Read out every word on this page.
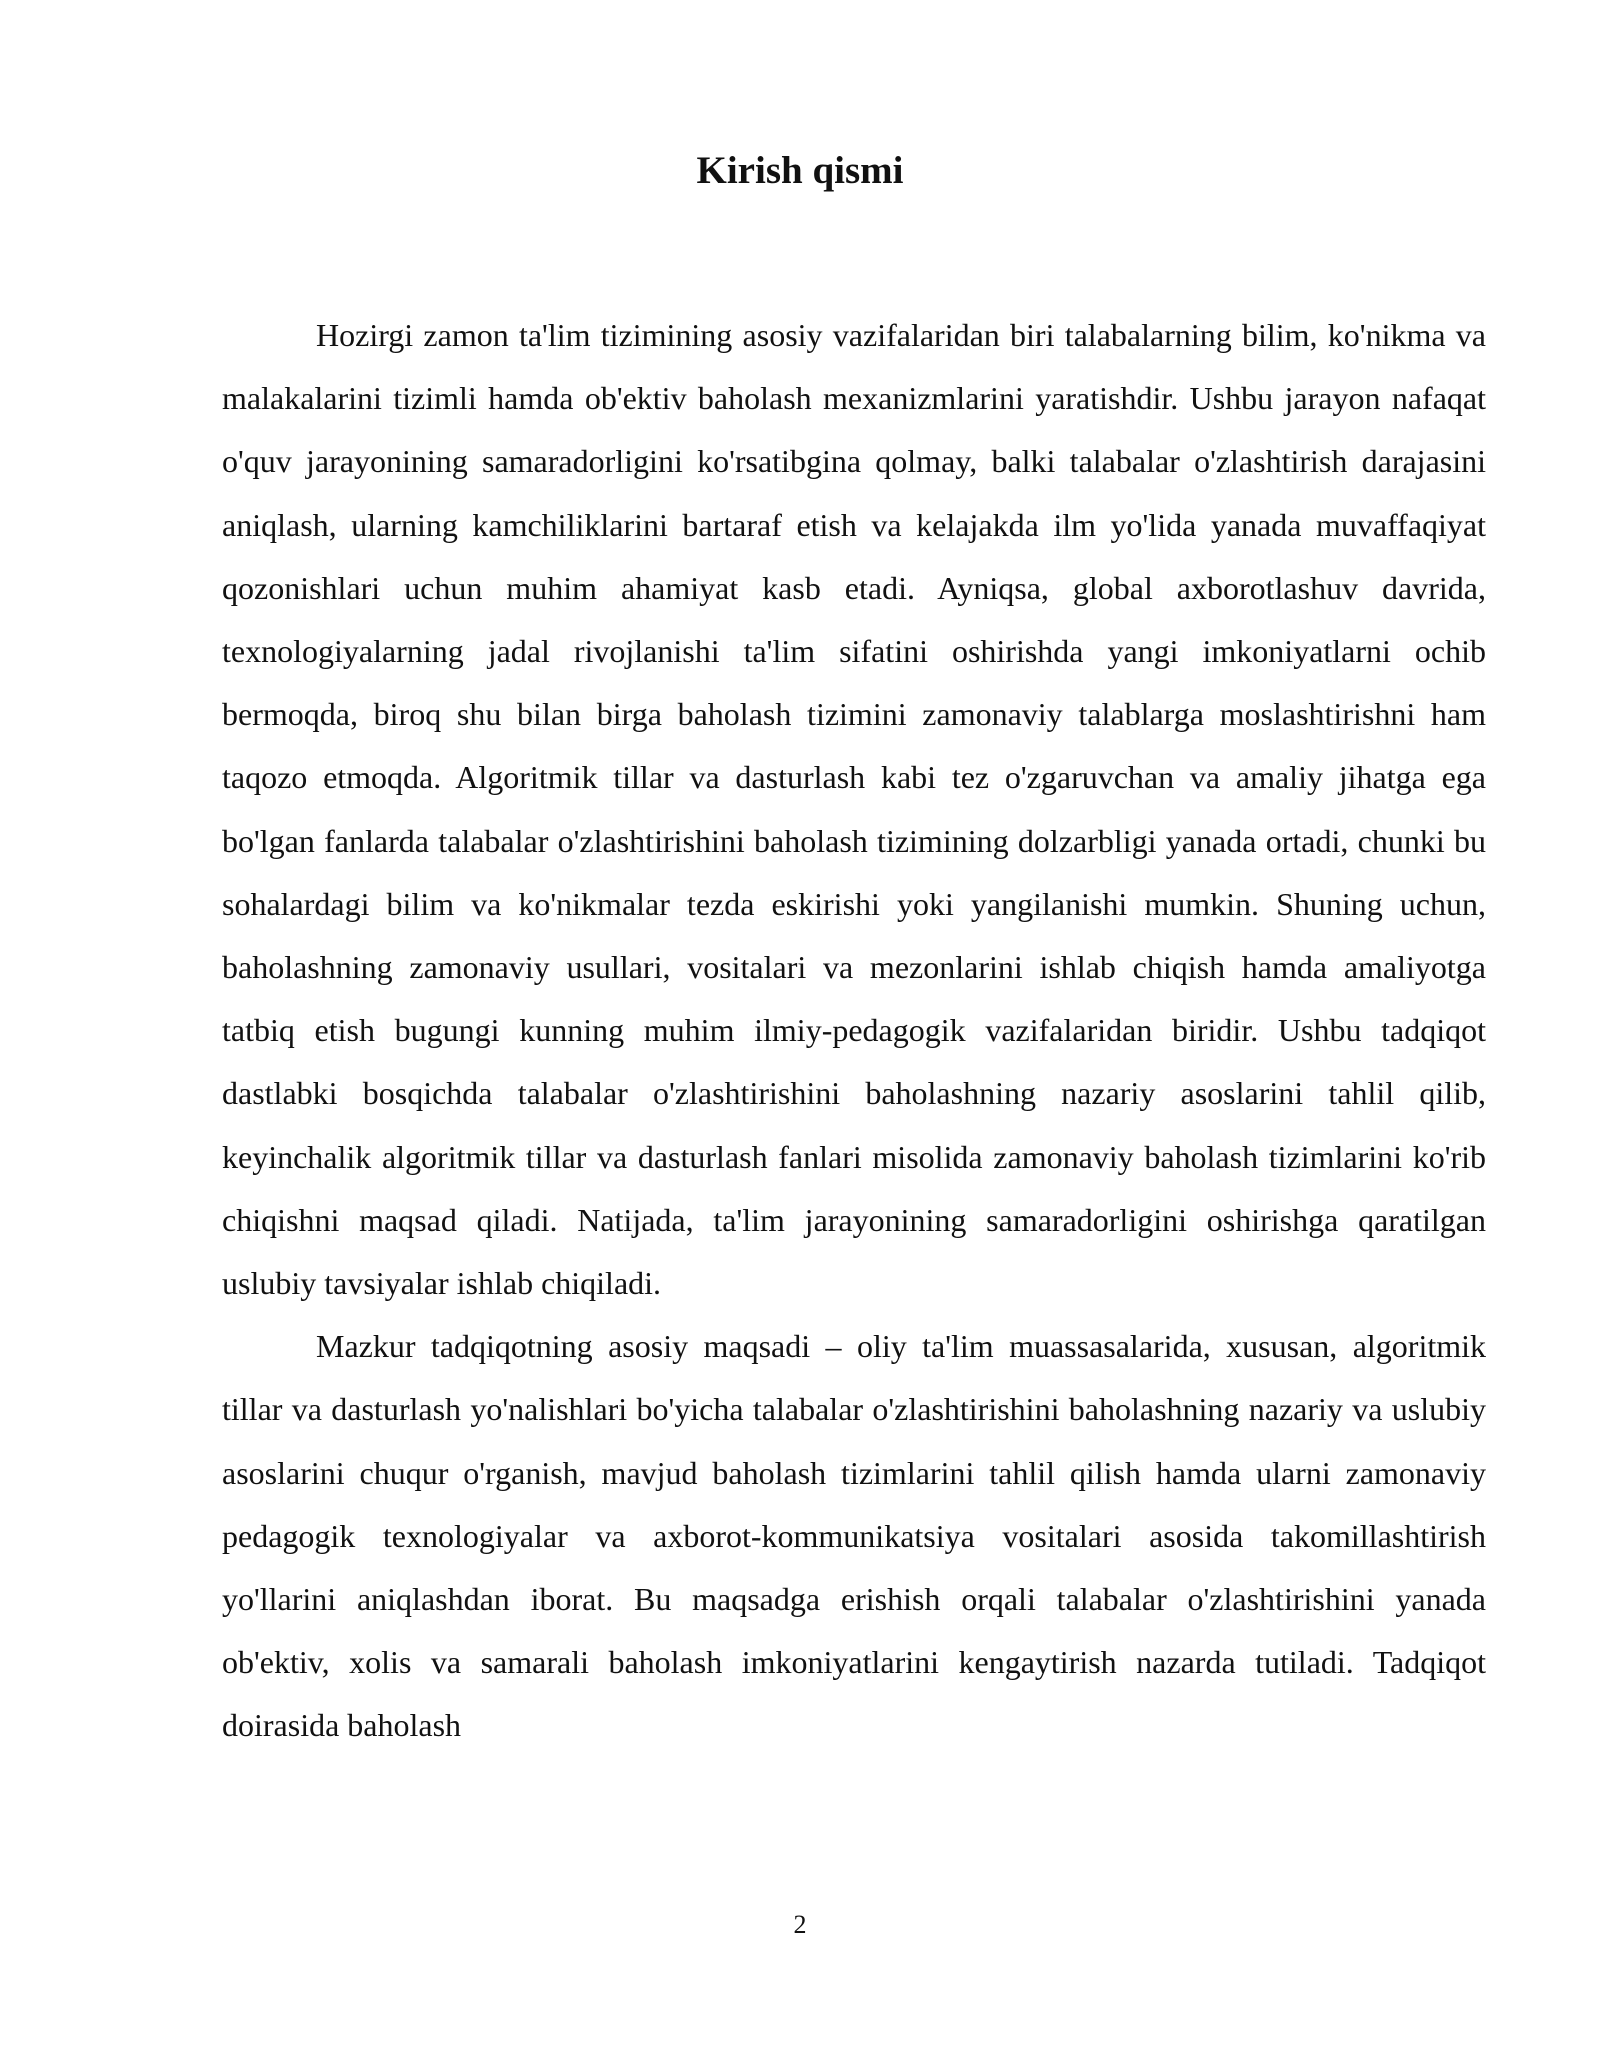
Kirish qismi

Hozirgi zamon ta'lim tizimining asosiy vazifalaridan biri talabalarning bilim, ko'nikma va malakalarini tizimli hamda ob'ektiv baholash mexanizmlarini yaratishdir. Ushbu jarayon nafaqat o'quv jarayonining samaradorligini ko'rsatibgina qolmay, balki talabalar o'zlashtirish darajasini aniqlash, ularning kamchiliklarini bartaraf etish va kelajakda ilm yo'lida yanada muvaffaqiyat qozonishlari uchun muhim ahamiyat kasb etadi. Ayniqsa, global axborotlashuv davrida, texnologiyalarning jadal rivojlanishi ta'lim sifatini oshirishda yangi imkoniyatlarni ochib bermoqda, biroq shu bilan birga baholash tizimini zamonaviy talablarga moslashtirishni ham taqozo etmoqda. Algoritmik tillar va dasturlash kabi tez o'zgaruvchan va amaliy jihatga ega bo'lgan fanlarda talabalar o'zlashtirishini baholash tizimining dolzarbligi yanada ortadi, chunki bu sohalardagi bilim va ko'nikmalar tezda eskirishi yoki yangilanishi mumkin. Shuning uchun, baholashning zamonaviy usullari, vositalari va mezonlarini ishlab chiqish hamda amaliyotga tatbiq etish bugungi kunning muhim ilmiy-pedagogik vazifalaridan biridir. Ushbu tadqiqot dastlabki bosqichda talabalar o'zlashtirishini baholashning nazariy asoslarini tahlil qilib, keyinchalik algoritmik tillar va dasturlash fanlari misolida zamonaviy baholash tizimlarini ko'rib chiqishni maqsad qiladi. Natijada, ta'lim jarayonining samaradorligini oshirishga qaratilgan uslubiy tavsiyalar ishlab chiqiladi.

Mazkur tadqiqotning asosiy maqsadi – oliy ta'lim muassasalarida, xususan, algoritmik tillar va dasturlash yo'nalishlari bo'yicha talabalar o'zlashtirishini baholashning nazariy va uslubiy asoslarini chuqur o'rganish, mavjud baholash tizimlarini tahlil qilish hamda ularni zamonaviy pedagogik texnologiyalar va axborot-kommunikatsiya vositalari asosida takomillashtirish yo'llarini aniqlashdan iborat. Bu maqsadga erishish orqali talabalar o'zlashtirishini yanada ob'ektiv, xolis va samarali baholash imkoniyatlarini kengaytirish nazarda tutiladi. Tadqiqot doirasida baholash

2
